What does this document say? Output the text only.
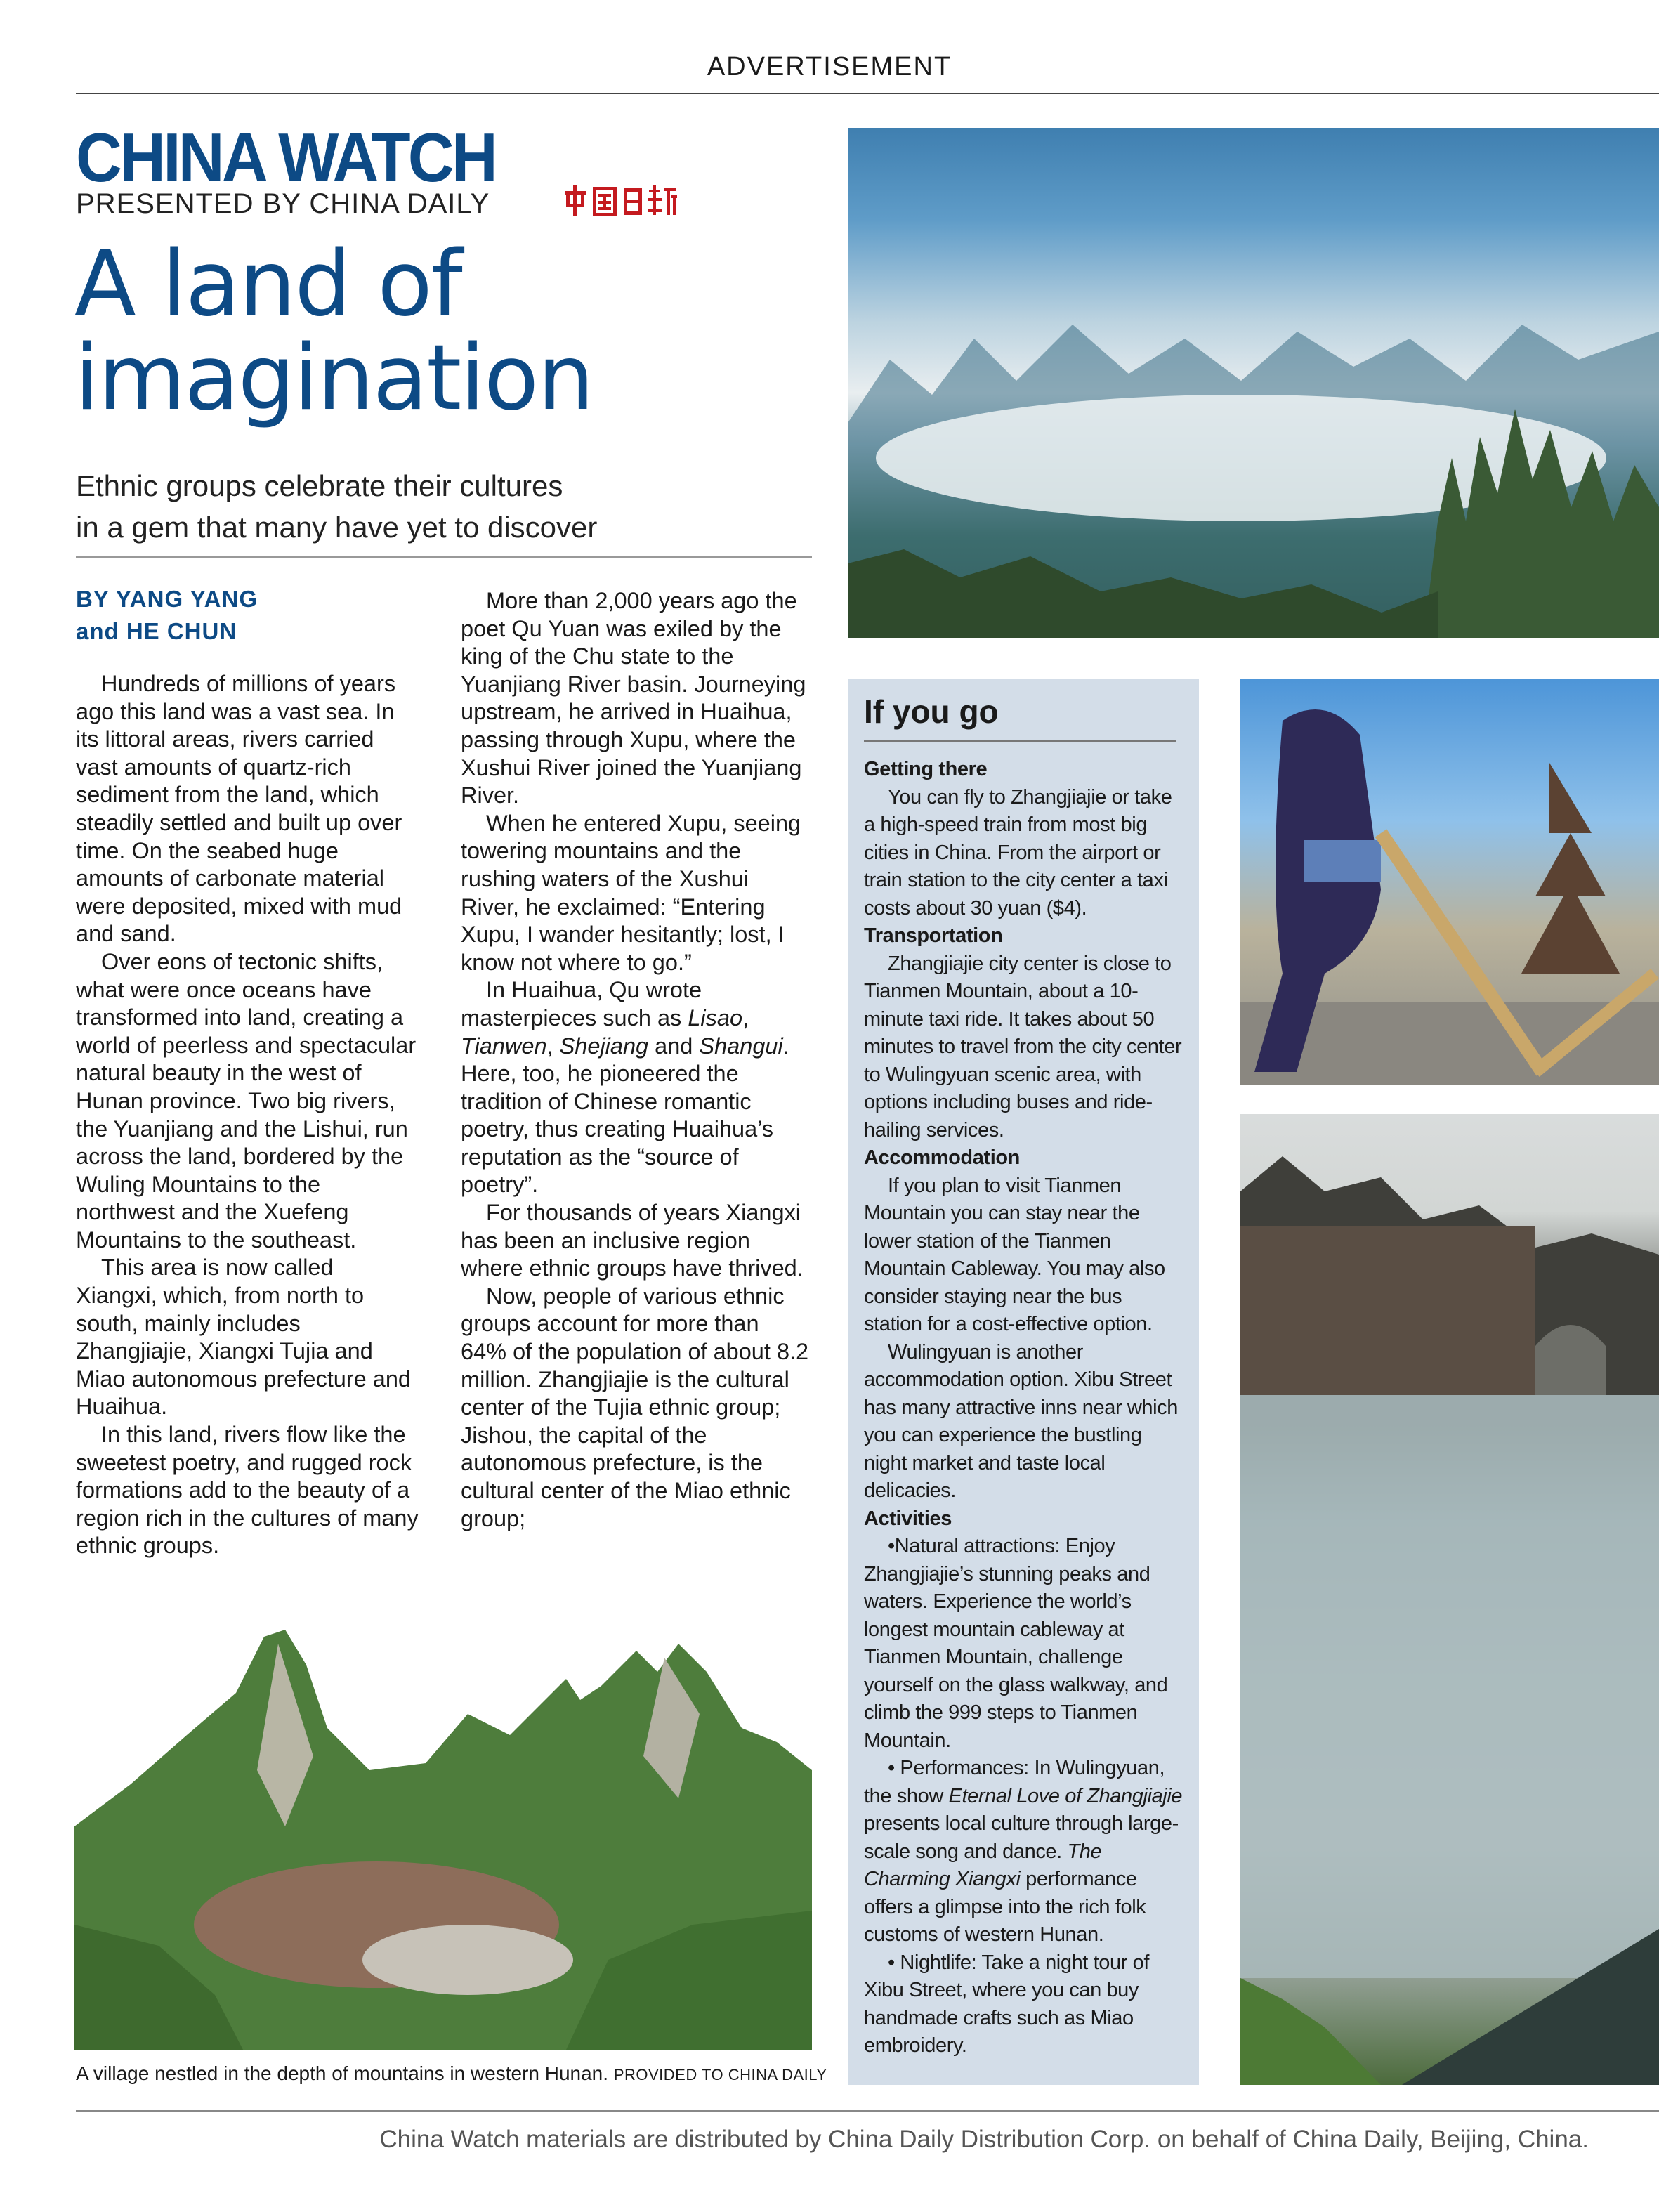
ADVERTISEMENT
CHINA WATCH
PRESENTED BY CHINA DAILY
A land of
imagination
Ethnic groups celebrate their cultures
in a gem that many have yet to discover
BY YANG YANG
and HE CHUN

Hundreds of millions of years ago this land was a vast sea. In its littoral areas, rivers carried vast amounts of quartz-rich sediment from the land, which steadily settled and built up over time. On the seabed huge amounts of carbonate material were deposited, mixed with mud and sand.

Over eons of tectonic shifts, what were once oceans have transformed into land, creating a world of peerless and spectacular natural beauty in the west of Hunan province. Two big rivers, the Yuanjiang and the Lishui, run across the land, bordered by the Wuling Mountains to the northwest and the Xuefeng Mountains to the southeast.

This area is now called Xiangxi, which, from north to south, mainly includes Zhangjiajie, Xiangxi Tujia and Miao autonomous prefecture and Huaihua.

In this land, rivers flow like the sweetest poetry, and rugged rock formations add to the beauty of a region rich in the cultures of many ethnic groups.

More than 2,000 years ago the poet Qu Yuan was exiled by the king of the Chu state to the Yuanjiang River basin. Journeying upstream, he arrived in Huaihua, passing through Xupu, where the Xushui River joined the Yuanjiang River.

When he entered Xupu, seeing towering mountains and the rushing waters of the Xushui River, he exclaimed: “Entering Xupu, I wander hesitantly; lost, I know not where to go.”

In Huaihua, Qu wrote masterpieces such as Lisao, Tianwen, Shejiang and Shangui. Here, too, he pioneered the tradition of Chinese romantic poetry, thus creating Huaihua’s reputation as the “source of poetry”.

For thousands of years Xiangxi has been an inclusive region where ethnic groups have thrived.

Now, people of various ethnic groups account for more than 64% of the population of about 8.2 million. Zhangjiajie is the cultural center of the Tujia ethnic group; Jishou, the capital of the autonomous prefecture, is the cultural center of the Miao ethnic group;

If you go
Getting there

You can fly to Zhangjiajie or take a high-speed train from most big cities in China. From the airport or train station to the city center a taxi costs about 30 yuan ($4).

Transportation

Zhangjiajie city center is close to Tianmen Mountain, about a 10-minute taxi ride. It takes about 50 minutes to travel from the city center to Wulingyuan scenic area, with options including buses and ride-hailing services.

Accommodation

If you plan to visit Tianmen Mountain you can stay near the lower station of the Tianmen Mountain Cableway. You may also consider staying near the bus station for a cost-effective option.

Wulingyuan is another accommodation option. Xibu Street has many attractive inns near which you can experience the bustling night market and taste local delicacies.

Activities

•Natural attractions: Enjoy Zhangjiajie’s stunning peaks and waters. Experience the world’s longest mountain cableway at Tianmen Mountain, challenge yourself on the glass walkway, and climb the 999 steps to Tianmen Mountain.

• Performances: In Wulingyuan, the show Eternal Love of Zhangjiajie presents local culture through large-scale song and dance. The Charming Xiangxi performance offers a glimpse into the rich folk customs of western Hunan.

• Nightlife: Take a night tour of Xibu Street, where you can buy handmade crafts such as Miao embroidery.

A village nestled in the depth of mountains in western Hunan. PROVIDED TO CHINA DAILY
China Watch materials are distributed by China Daily Distribution Corp. on behalf of China Daily, Beijing, China.
